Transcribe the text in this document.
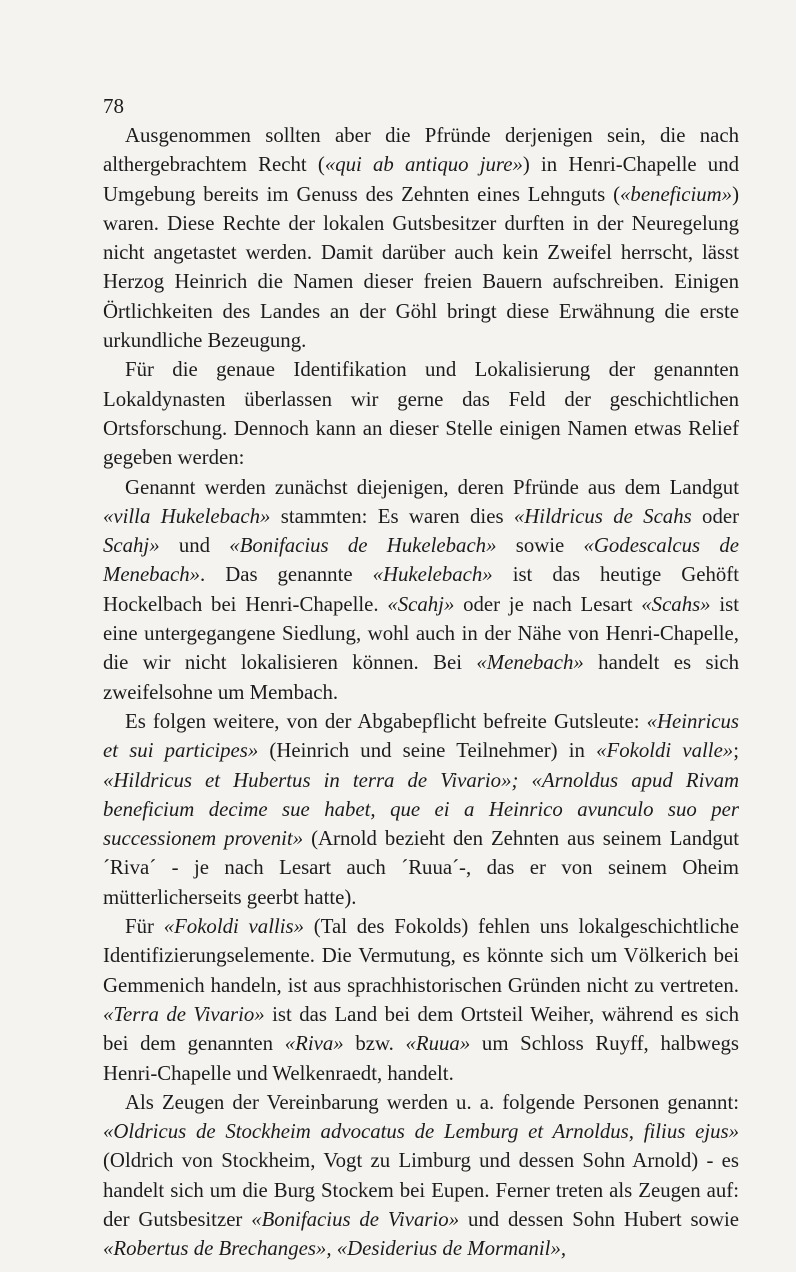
78

Ausgenommen sollten aber die Pfründe derjenigen sein, die nach althergebrachtem Recht («qui ab antiquo jure») in Henri-Chapelle und Umgebung bereits im Genuss des Zehnten eines Lehnguts («beneficium») waren. Diese Rechte der lokalen Gutsbesitzer durften in der Neuregelung nicht angetastet werden. Damit darüber auch kein Zweifel herrscht, lässt Herzog Heinrich die Namen dieser freien Bauern aufschreiben. Einigen Örtlichkeiten des Landes an der Göhl bringt diese Erwähnung die erste urkundliche Bezeugung.

Für die genaue Identifikation und Lokalisierung der genannten Lokaldynasten überlassen wir gerne das Feld der geschichtlichen Ortsforschung. Dennoch kann an dieser Stelle einigen Namen etwas Relief gegeben werden:

Genannt werden zunächst diejenigen, deren Pfründe aus dem Landgut «villa Hukelebach» stammten: Es waren dies «Hildricus de Scahs oder Scahj» und «Bonifacius de Hukelebach» sowie «Godescalcus de Menebach». Das genannte «Hukelebach» ist das heutige Gehöft Hockelbach bei Henri-Chapelle. «Scahj» oder je nach Lesart «Scahs» ist eine untergegangene Siedlung, wohl auch in der Nähe von Henri-Chapelle, die wir nicht lokalisieren können. Bei «Menebach» handelt es sich zweifelsohne um Membach.

Es folgen weitere, von der Abgabepflicht befreite Gutsleute: «Heinricus et sui participes» (Heinrich und seine Teilnehmer) in «Fokoldi valle»; «Hildricus et Hubertus in terra de Vivario»; «Arnoldus apud Rivam beneficium decime sue habet, que ei a Heinrico avunculo suo per successionem provenit» (Arnold bezieht den Zehnten aus seinem Landgut ´Riva´ - je nach Lesart auch ´Ruua´-, das er von seinem Oheim mütterlicherseits geerbt hatte).

Für «Fokoldi vallis» (Tal des Fokolds) fehlen uns lokalgeschichtliche Identifizierungselemente. Die Vermutung, es könnte sich um Völkerich bei Gemmenich handeln, ist aus sprachhistorischen Gründen nicht zu vertreten. «Terra de Vivario» ist das Land bei dem Ortsteil Weiher, während es sich bei dem genannten «Riva» bzw. «Ruua» um Schloss Ruyff, halbwegs Henri-Chapelle und Welkenraedt, handelt.

Als Zeugen der Vereinbarung werden u. a. folgende Personen genannt: «Oldricus de Stockheim advocatus de Lemburg et Arnoldus, filius ejus» (Oldrich von Stockheim, Vogt zu Limburg und dessen Sohn Arnold) - es handelt sich um die Burg Stockem bei Eupen. Ferner treten als Zeugen auf: der Gutsbesitzer «Bonifacius de Vivario» und dessen Sohn Hubert sowie «Robertus de Brechanges», «Desiderius de Mormanil»,
